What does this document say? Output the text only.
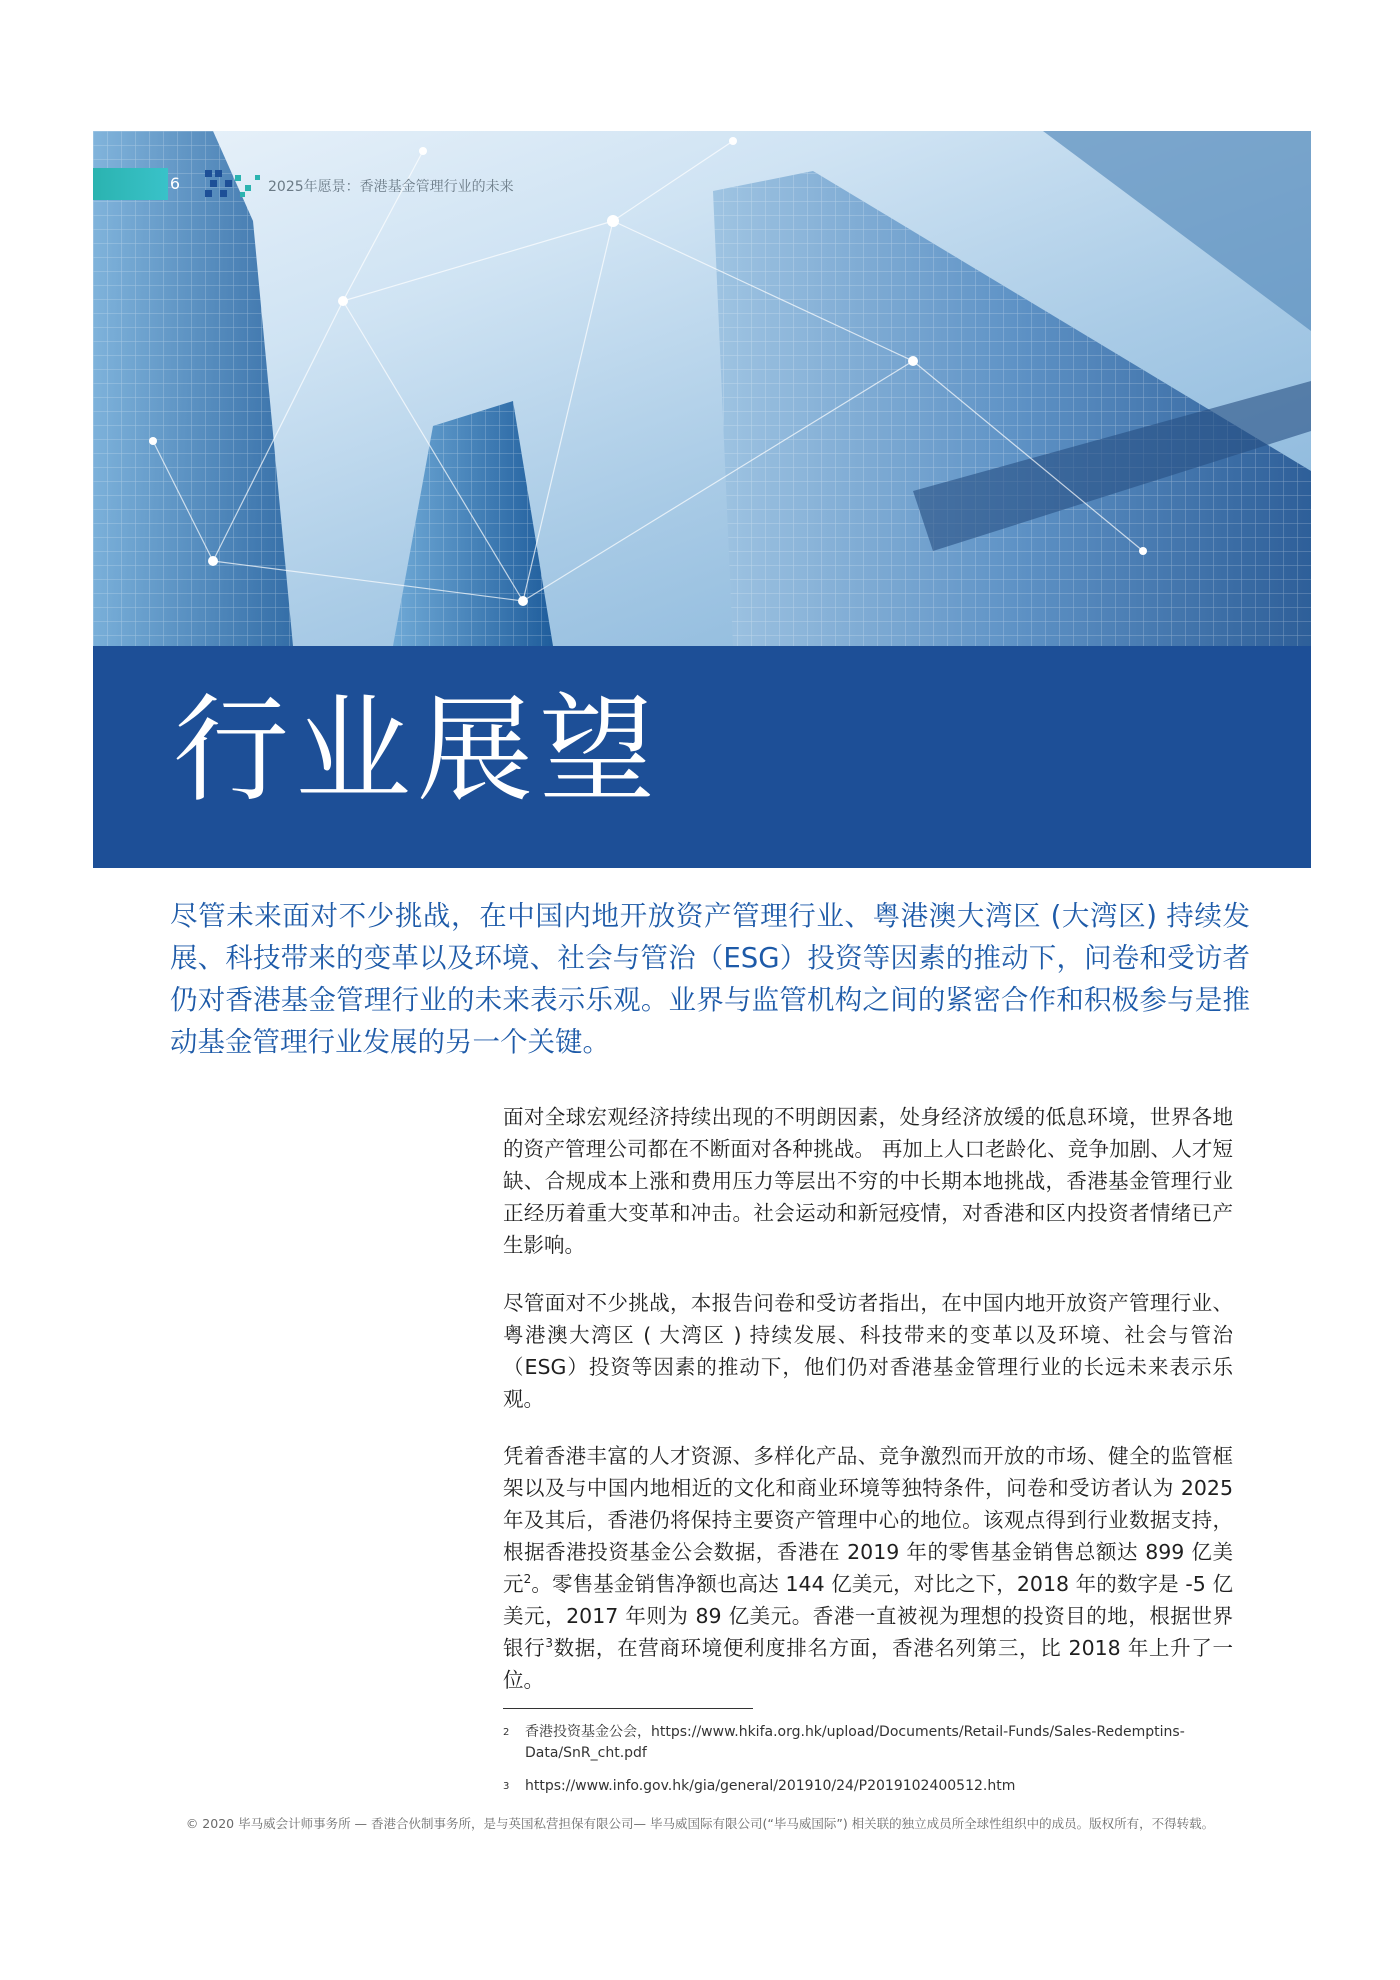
6	2025年愿景：香港基金管理行业的未来
行业展望

尽管未来面对不少挑战，在中国内地开放资产管理行业、粤港澳大湾区 (大湾区) 持续发展、科技带来的变革以及环境、社会与管治（ESG）投资等因素的推动下，问卷和受访者仍对香港基金管理行业的未来表示乐观。业界与监管机构之间的紧密合作和积极参与是推动基金管理行业发展的另一个关键。

面对全球宏观经济持续出现的不明朗因素，处身经济放缓的低息环境，世界各地的资产管理公司都在不断面对各种挑战。 再加上人口老龄化、竞争加剧、人才短缺、合规成本上涨和费用压力等层出不穷的中长期本地挑战，香港基金管理行业正经历着重大变革和冲击。社会运动和新冠疫情，对香港和区内投资者情绪已产生影响。

尽管面对不少挑战，本报告问卷和受访者指出，在中国内地开放资产管理行业、粤港澳大湾区 ( 大湾区 ) 持续发展、科技带来的变革以及环境、社会与管治（ESG）投资等因素的推动下，他们仍对香港基金管理行业的长远未来表示乐观。

凭着香港丰富的人才资源、多样化产品、竞争激烈而开放的市场、健全的监管框架以及与中国内地相近的文化和商业环境等独特条件，问卷和受访者认为 2025 年及其后，香港仍将保持主要资产管理中心的地位。该观点得到行业数据支持，根据香港投资基金公会数据，香港在 2019 年的零售基金销售总额达 899 亿美元$^2$。零售基金销售净额也高达 144 亿美元，对比之下，2018 年的数字是 -5 亿美元，2017 年则为 89 亿美元。香港一直被视为理想的投资目的地，根据世界银行$^3$数据，在营商环境便利度排名方面，香港名列第三，比 2018 年上升了一位。

2 香港投资基金公会，https://www.hkifa.org.hk/upload/Documents/Retail-Funds/Sales-Redemptins-Data/SnR_cht.pdf
3 https://www.info.gov.hk/gia/general/201910/24/P2019102400512.htm
© 2020 毕马威会计师事务所 — 香港合伙制事务所，是与英国私营担保有限公司— 毕马威国际有限公司(“毕马威国际”) 相关联的独立成员所全球性组织中的成员。版权所有，不得转载。
